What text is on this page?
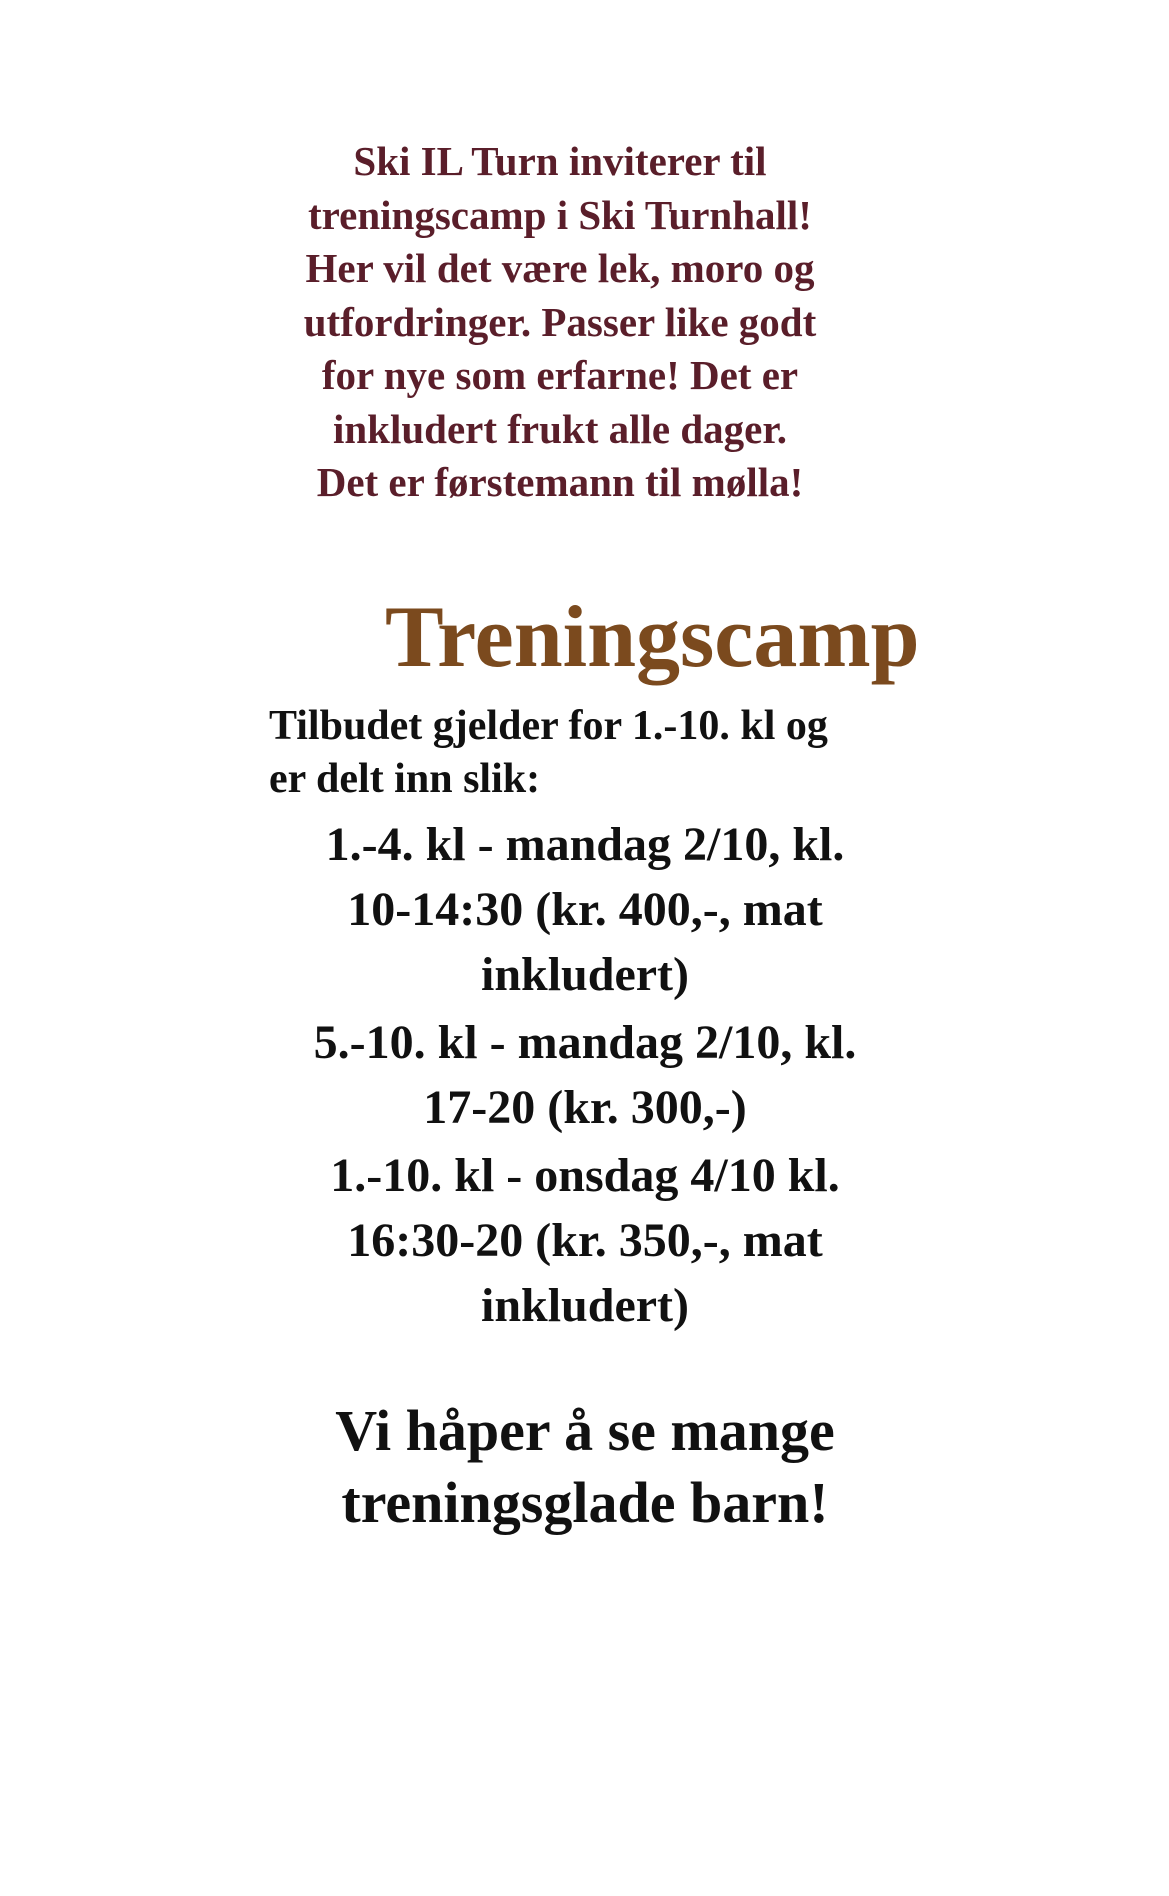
Ski IL Turn inviterer til
treningscamp i Ski Turnhall!
Her vil det være lek, moro og
utfordringer. Passer like godt
for nye som erfarne! Det er
inkludert frukt alle dager.
Det er førstemann til mølla!
Treningscamp
Tilbudet gjelder for 1.-10. kl og
er delt inn slik:
1.-4. kl - mandag 2/10, kl.
10-14:30 (kr. 400,-, mat
inkludert)
5.-10. kl - mandag 2/10, kl.
17-20 (kr. 300,-)
1.-10. kl - onsdag 4/10 kl.
16:30-20 (kr. 350,-, mat
inkludert)
Vi håper å se mange
treningsglade barn!
